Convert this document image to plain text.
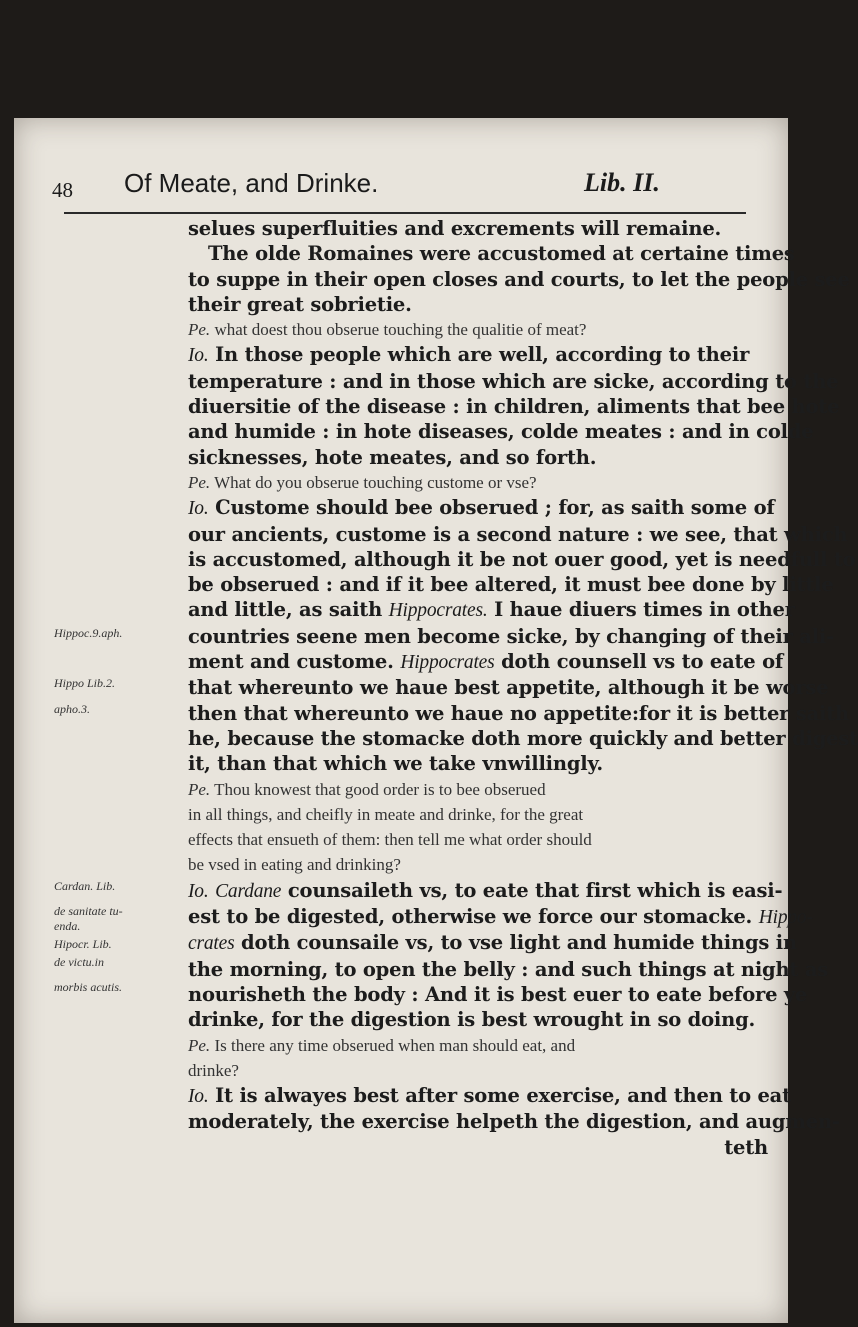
48 Of Meate, and Drinke.	Lib. II.
selues superfluities and excrements will remaine.
The olde Romaines were accustomed at certaine times
to suppe in their open closes and courts, to let the people see
their great sobrietie.
Pe. what doest thou obserue touching the qualitie of meat?
Io. In those people which are well, according to their
temperature : and in those which are sicke, according to the
diuersitie of the disease : in children, aliments that bee hote
and humide : in hote diseases, colde meates : and in colde
sicknesses, hote meates, and so forth.
Pe. What do you obserue touching custome or vse?
Io. Custome should bee obserued ; for, as saith some of
our ancients, custome is a second nature : we see, that which
is accustomed, although it be not ouer good, yet is needfull to
be obserued : and if it bee altered, it must bee done by little
and little, as saith Hippocrates. I haue diuers times in other
countries seene men become sicke, by changing of their ali-
ment and custome. Hippocrates doth counsell vs to eate of
that whereunto we haue best appetite, although it be worse
then that whereunto we haue no appetite:for it is better saith
he, because the stomacke doth more quickly and better digest
it, than that which we take vnwillingly.
Pe. Thou knowest that good order is to bee obserued
in all things, and cheifly in meate and drinke, for the great
effects that ensueth of them: then tell me what order should
be vsed in eating and drinking?
Io. Cardane counsaileth vs, to eate that first which is easi-
est to be digested, otherwise we force our stomacke. Hippo-
crates doth counsaile vs, to vse light and humide things in
the morning, to open the belly : and such things at night as
nourisheth the body : And it is best euer to eate before ye
drinke, for the digestion is best wrought in so doing.
Pe. Is there any time obserued when man should eat, and
drinke?
Io. It is alwayes best after some exercise, and then to eat
moderately, the exercise helpeth the digestion, and augmen-
teth
Hippoc.9.aph.
Hippo Lib.2.
apho.3.
Cardan. Lib.
de sanitate tu-
enda.
Hipocr. Lib.
de victu.in
morbis acutis.
